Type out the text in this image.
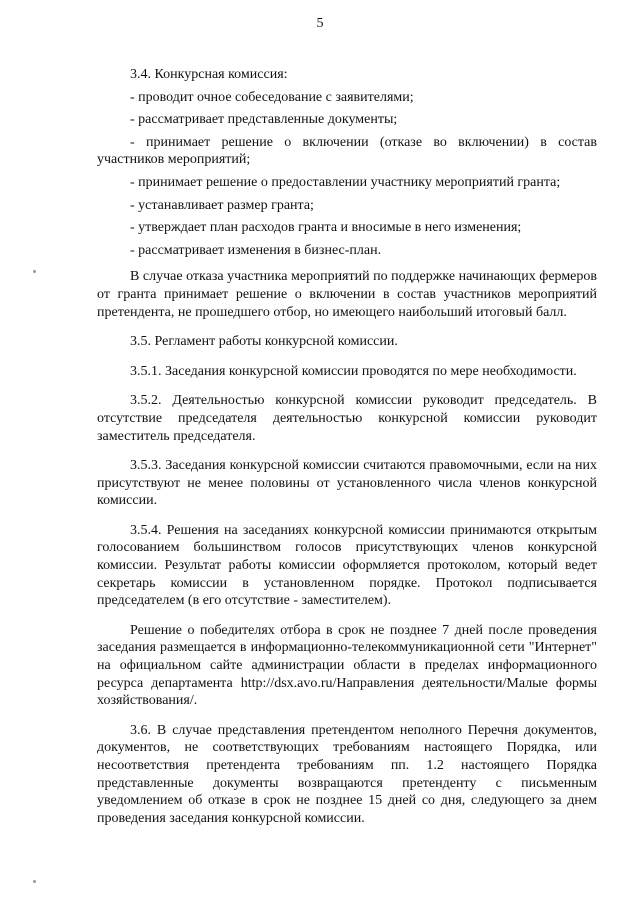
5

3.4. Конкурсная комиссия:

- проводит очное собеседование с заявителями;

- рассматривает представленные документы;

- принимает решение о включении (отказе во включении) в состав участников мероприятий;

- принимает решение о предоставлении участнику мероприятий гранта;

- устанавливает размер гранта;

- утверждает план расходов гранта и вносимые в него изменения;

- рассматривает изменения в бизнес-план.

В случае отказа участника мероприятий по поддержке начинающих фермеров от гранта принимает решение о включении в состав участников мероприятий претендента, не прошедшего отбор, но имеющего наибольший итоговый балл.

3.5. Регламент работы конкурсной комиссии.

3.5.1. Заседания конкурсной комиссии проводятся по мере необходимости.

3.5.2. Деятельностью конкурсной комиссии руководит председатель. В отсутствие председателя деятельностью конкурсной комиссии руководит заместитель председателя.

3.5.3. Заседания конкурсной комиссии считаются правомочными, если на них присутствуют не менее половины от установленного числа членов конкурсной комиссии.

3.5.4. Решения на заседаниях конкурсной комиссии принимаются открытым голосованием большинством голосов присутствующих членов конкурсной комиссии. Результат работы комиссии оформляется протоколом, который ведет секретарь комиссии в установленном порядке. Протокол подписывается председателем (в его отсутствие - заместителем).

Решение о победителях отбора в срок не позднее 7 дней после проведения заседания размещается в информационно-телекоммуникационной сети "Интернет" на официальном сайте администрации области в пределах информационного ресурса департамента http://dsx.avo.ru/Направления деятельности/Малые формы хозяйствования/.

3.6. В случае представления претендентом неполного Перечня документов, документов, не соответствующих требованиям настоящего Порядка, или несоответствия претендента требованиям пп. 1.2 настоящего Порядка представленные документы возвращаются претенденту с письменным уведомлением об отказе в срок не позднее 15 дней со дня, следующего за днем проведения заседания конкурсной комиссии.
